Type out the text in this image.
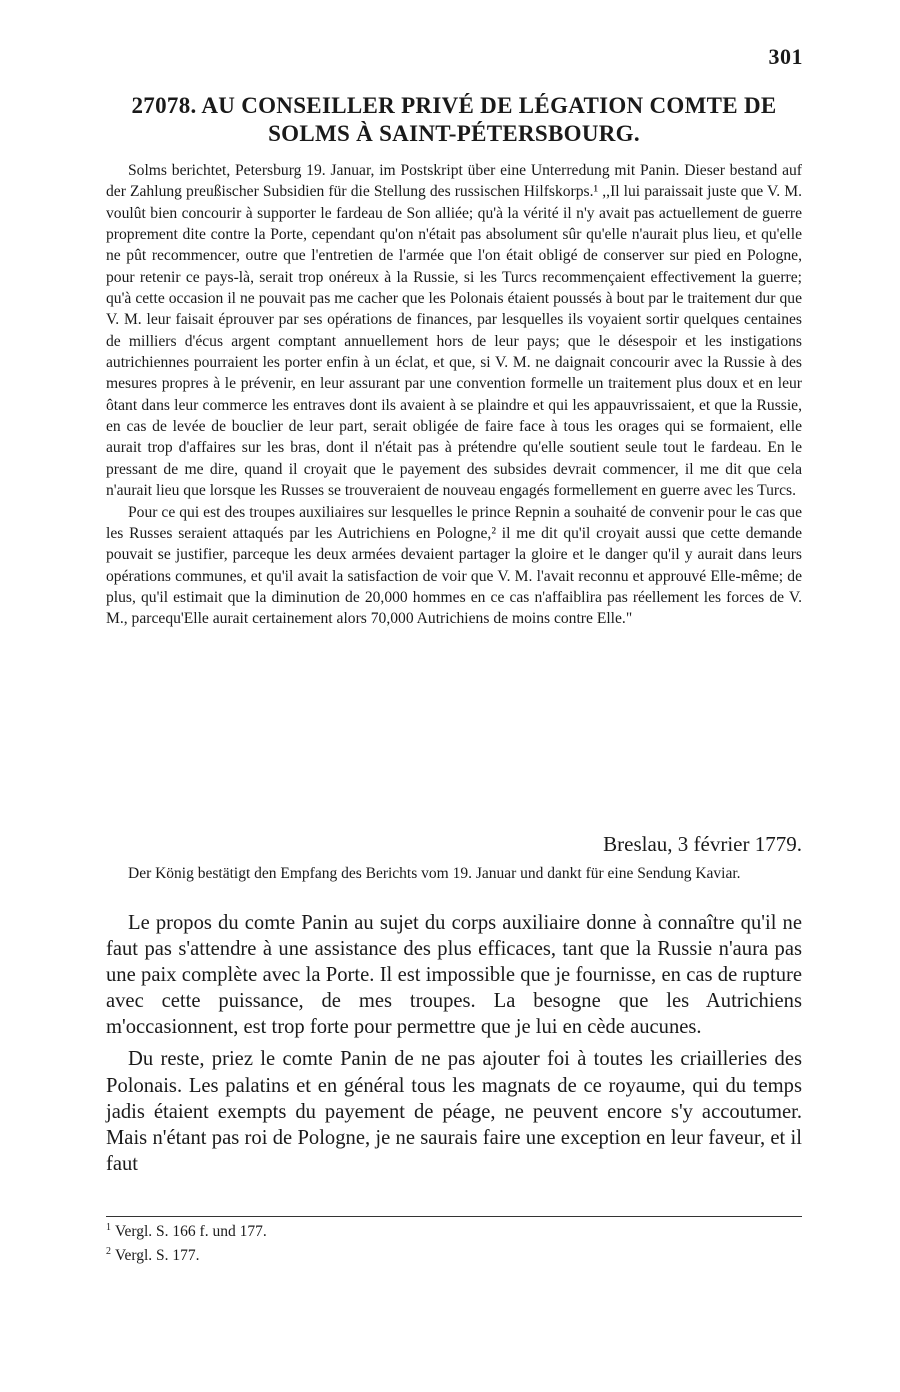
301
27078. AU CONSEILLER PRIVÉ DE LÉGATION COMTE DE SOLMS À SAINT-PÉTERSBOURG.

Solms berichtet, Petersburg 19. Januar, im Postskript über eine Unterredung mit Panin. Dieser bestand auf der Zahlung preußischer Subsidien für die Stellung des russischen Hilfskorps.¹ ,,Il lui paraissait juste que V. M. voulût bien concourir à supporter le fardeau de Son alliée; qu'à la vérité il n'y avait pas actuellement de guerre proprement dite contre la Porte, cependant qu'on n'était pas absolument sûr qu'elle n'aurait plus lieu, et qu'elle ne pût recommencer, outre que l'entretien de l'armée que l'on était obligé de conserver sur pied en Pologne, pour retenir ce pays-là, serait trop onéreux à la Russie, si les Turcs recommençaient effectivement la guerre; qu'à cette occasion il ne pouvait pas me cacher que les Polonais étaient poussés à bout par le traitement dur que V. M. leur faisait éprouver par ses opérations de finances, par lesquelles ils voyaient sortir quelques centaines de milliers d'écus argent comptant annuellement hors de leur pays; que le désespoir et les instigations autrichiennes pourraient les porter enfin à un éclat, et que, si V. M. ne daignait concourir avec la Russie à des mesures propres à le prévenir, en leur assurant par une convention formelle un traitement plus doux et en leur ôtant dans leur commerce les entraves dont ils avaient à se plaindre et qui les appauvrissaient, et que la Russie, en cas de levée de bouclier de leur part, serait obligée de faire face à tous les orages qui se formaient, elle aurait trop d'affaires sur les bras, dont il n'était pas à prétendre qu'elle soutient seule tout le fardeau. En le pressant de me dire, quand il croyait que le payement des subsides devrait commencer, il me dit que cela n'aurait lieu que lorsque les Russes se trouveraient de nouveau engagés formellement en guerre avec les Turcs.

Pour ce qui est des troupes auxiliaires sur lesquelles le prince Repnin a souhaité de convenir pour le cas que les Russes seraient attaqués par les Autrichiens en Pologne,² il me dit qu'il croyait aussi que cette demande pouvait se justifier, parceque les deux armées devaient partager la gloire et le danger qu'il y aurait dans leurs opérations communes, et qu'il avait la satisfaction de voir que V. M. l'avait reconnu et approuvé Elle-même; de plus, qu'il estimait que la diminution de 20,000 hommes en ce cas n'affaiblira pas réellement les forces de V. M., parcequ'Elle aurait certainement alors 70,000 Autrichiens de moins contre Elle."

Breslau, 3 février 1779.
Der König bestätigt den Empfang des Berichts vom 19. Januar und dankt für eine Sendung Kaviar.

Le propos du comte Panin au sujet du corps auxiliaire donne à connaître qu'il ne faut pas s'attendre à une assistance des plus efficaces, tant que la Russie n'aura pas une paix complète avec la Porte. Il est impossible que je fournisse, en cas de rupture avec cette puissance, de mes troupes. La besogne que les Autrichiens m'occasionnent, est trop forte pour permettre que je lui en cède aucunes.

Du reste, priez le comte Panin de ne pas ajouter foi à toutes les criailleries des Polonais. Les palatins et en général tous les magnats de ce royaume, qui du temps jadis étaient exempts du payement de péage, ne peuvent encore s'y accoutumer. Mais n'étant pas roi de Pologne, je ne saurais faire une exception en leur faveur, et il faut

$^1$ Vergl. S. 166 f. und 177.
$^2$ Vergl. S. 177.
